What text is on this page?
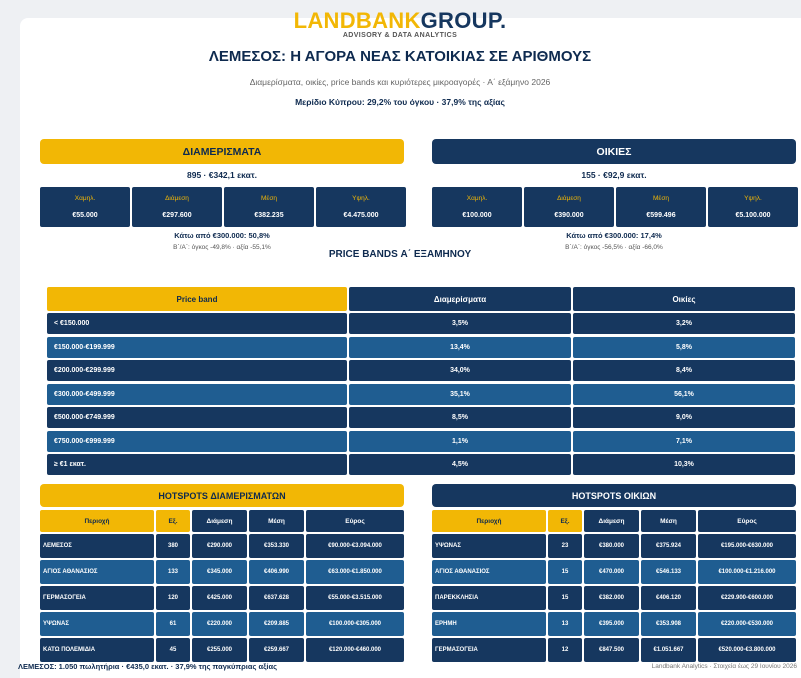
LANDBANKGROUP.
ADVISORY & DATA ANALYTICS
ΛΕΜΕΣΟΣ: Η ΑΓΟΡΑ ΝΕΑΣ ΚΑΤΟΙΚΙΑΣ ΣΕ ΑΡΙΘΜΟΥΣ
Διαμερίσματα, οικίες, price bands και κυριότερες μικροαγορές · Α΄ εξάμηνο 2026
Μερίδιο Κύπρου: 29,2% του όγκου · 37,9% της αξίας
ΔΙΑΜΕΡΙΣΜΑΤΑ
895 · €342,1 εκατ.
Χαμηλ.
€55.000
Διάμεση
€297.600
Μέση
€382.235
Υψηλ.
€4.475.000
Κάτω από €300.000: 50,8%
Β΄/Α΄: όγκος -49,8% · αξία -55,1%
ΟΙΚΙΕΣ
155 · €92,9 εκατ.
Χαμηλ.
€100.000
Διάμεση
€390.000
Μέση
€599.496
Υψηλ.
€5.100.000
Κάτω από €300.000: 17,4%
Β΄/Α΄: όγκος -56,5% · αξία -66,0%
PRICE BANDS Α΄ ΕΞΑΜΗΝΟΥ
Price band	Διαμερίσματα	Οικίες
< €150.000	3,5%	3,2%
€150.000-€199.999	13,4%	5,8%
€200.000-€299.999	34,0%	8,4%
€300.000-€499.999	35,1%	56,1%
€500.000-€749.999	8,5%	9,0%
€750.000-€999.999	1,1%	7,1%
≥ €1 εκατ.	4,5%	10,3%
HOTSPOTS ΔΙΑΜΕΡΙΣΜΑΤΩΝ
Περιοχή	Εξ.	Διάμεση	Μέση	Εύρος
ΛΕΜΕΣΟΣ	380	€290.000	€353.330	€90.000-€3.094.000
ΑΓΙΟΣ ΑΘΑΝΑΣΙΟΣ	133	€345.000	€406.990	€63.000-€1.850.000
ΓΕΡΜΑΣΟΓΕΙΑ	120	€425.000	€637.628	€55.000-€3.515.000
ΥΨΩΝΑΣ	61	€220.000	€209.885	€100.000-€305.000
ΚΑΤΩ ΠΟΛΕΜΙΔΙΑ	45	€255.000	€259.667	€120.000-€460.000
HOTSPOTS ΟΙΚΙΩΝ
Περιοχή	Εξ.	Διάμεση	Μέση	Εύρος
ΥΨΩΝΑΣ	23	€380.000	€375.924	€195.000-€630.000
ΑΓΙΟΣ ΑΘΑΝΑΣΙΟΣ	15	€470.000	€546.133	€100.000-€1.216.000
ΠΑΡΕΚΚΛΗΣΙΑ	15	€382.000	€406.120	€229.900-€600.000
ΕΡΗΜΗ	13	€395.000	€353.908	€220.000-€530.000
ΓΕΡΜΑΣΟΓΕΙΑ	12	€847.500	€1.051.667	€520.000-€3.800.000
ΛΕΜΕΣΟΣ: 1.050 πωλητήρια · €435,0 εκατ. · 37,9% της παγκύπριας αξίας	Landbank Analytics · Στοιχεία έως 29 Ιουνίου 2026
